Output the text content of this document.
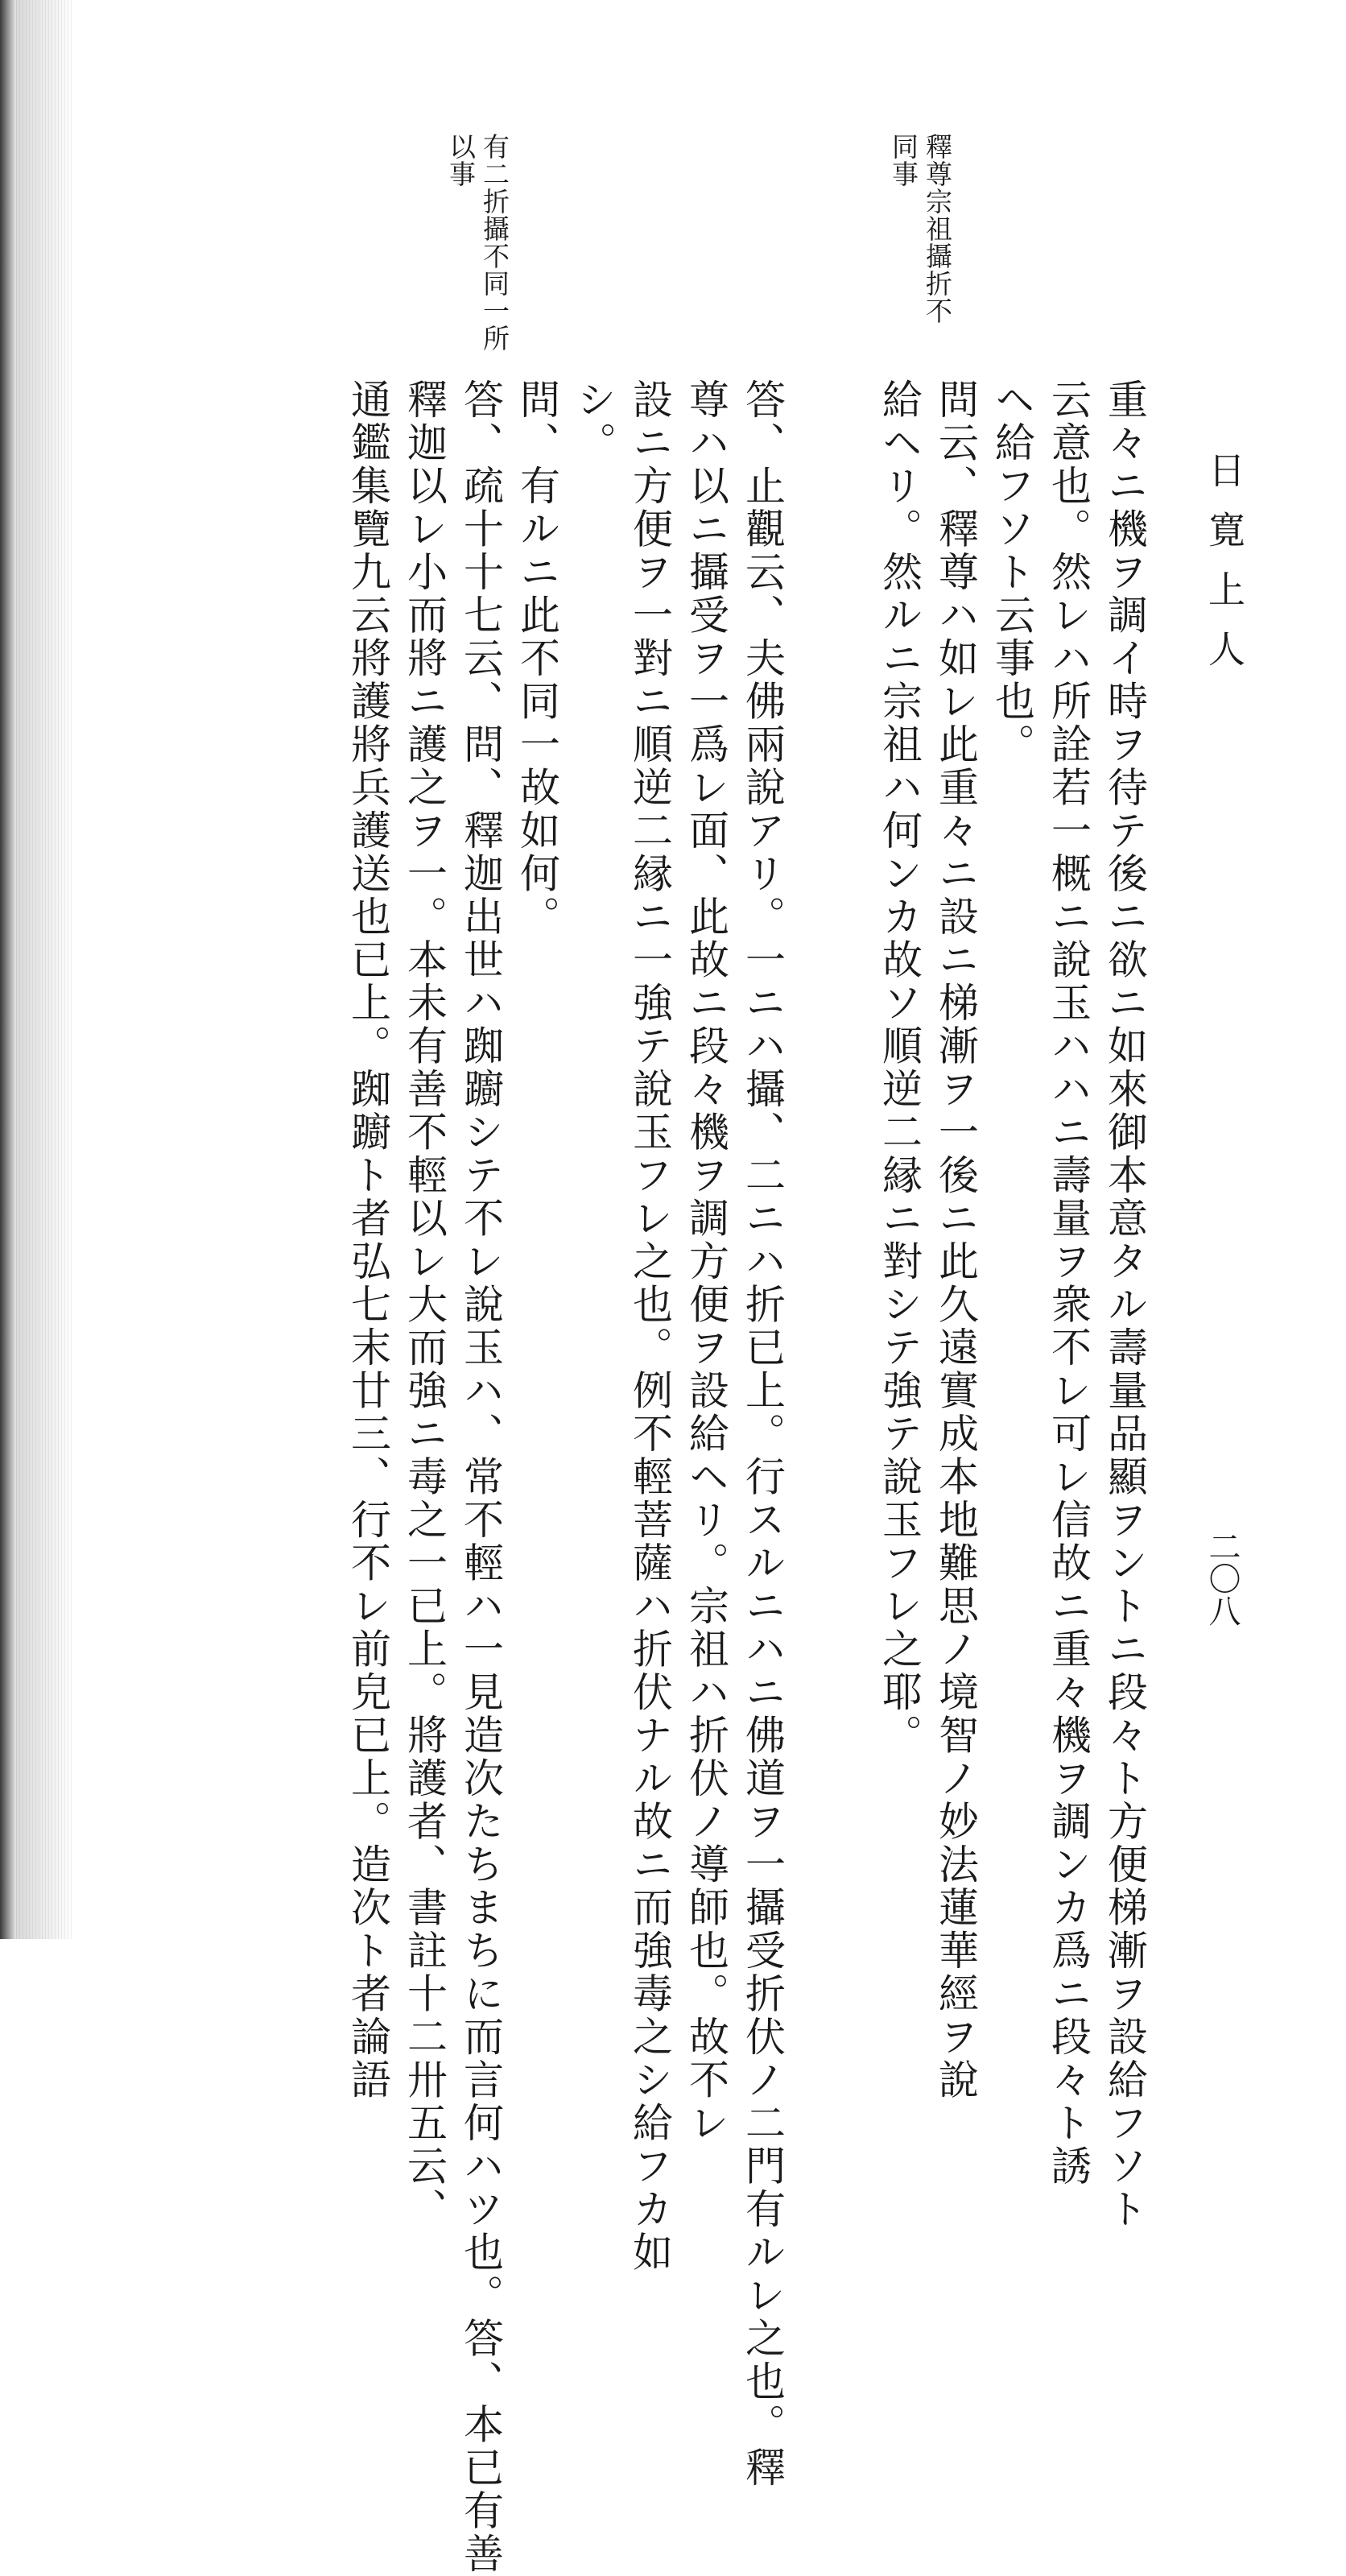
日寛上人
二〇八
重々ニ機ヲ調イ時ヲ待テ後ニ欲ニ如來御本意タル壽量品顯ヲントニ段々ト方便梯漸ヲ設給フソト
云意也。然レハ所詮若一概ニ說玉ハハニ壽量ヲ衆不レ可レ信故ニ重々機ヲ調ンカ爲ニ段々ト誘
ヘ給フソト云事也。
問云、釋尊ハ如レ此重々ニ設ニ梯漸ヲ一後ニ此久遠實成本地難思ノ境智ノ妙法蓮華經ヲ說
給ヘリ。然ルニ宗祖ハ何ンカ故ソ順逆二縁ニ對シテ強テ說玉フレ之耶。
答、止觀云、夫佛兩說アリ。一ニハ攝、二ニハ折已上。行スルニハニ佛道ヲ一攝受折伏ノ二門有ルレ之也。釋
尊ハ以ニ攝受ヲ一爲レ面、此故ニ段々機ヲ調方便ヲ設給ヘリ。宗祖ハ折伏ノ導師也。故不レ
設ニ方便ヲ一對ニ順逆二縁ニ一強テ說玉フレ之也。例不輕菩薩ハ折伏ナル故ニ而強毒之シ給フカ如
シ。
問、有ルニ此不同一故如何。
答、疏十十七云、問、釋迦出世ハ踟躕シテ不レ說玉ハ、常不輕ハ一見造次たちまちに而言何ハツ也。答、本已有善
釋迦以レ小而將ニ護之ヲ一。本未有善不輕以レ大而強ニ毒之一已上。將護者、書註十二卅五云、
通鑑集覽九云將護將兵護送也已上。踟躕ト者弘七末廿三、行不レ前皃已上。造次ト者論語
釋尊宗祖攝折不
同事
有二折攝不同一所
以事
